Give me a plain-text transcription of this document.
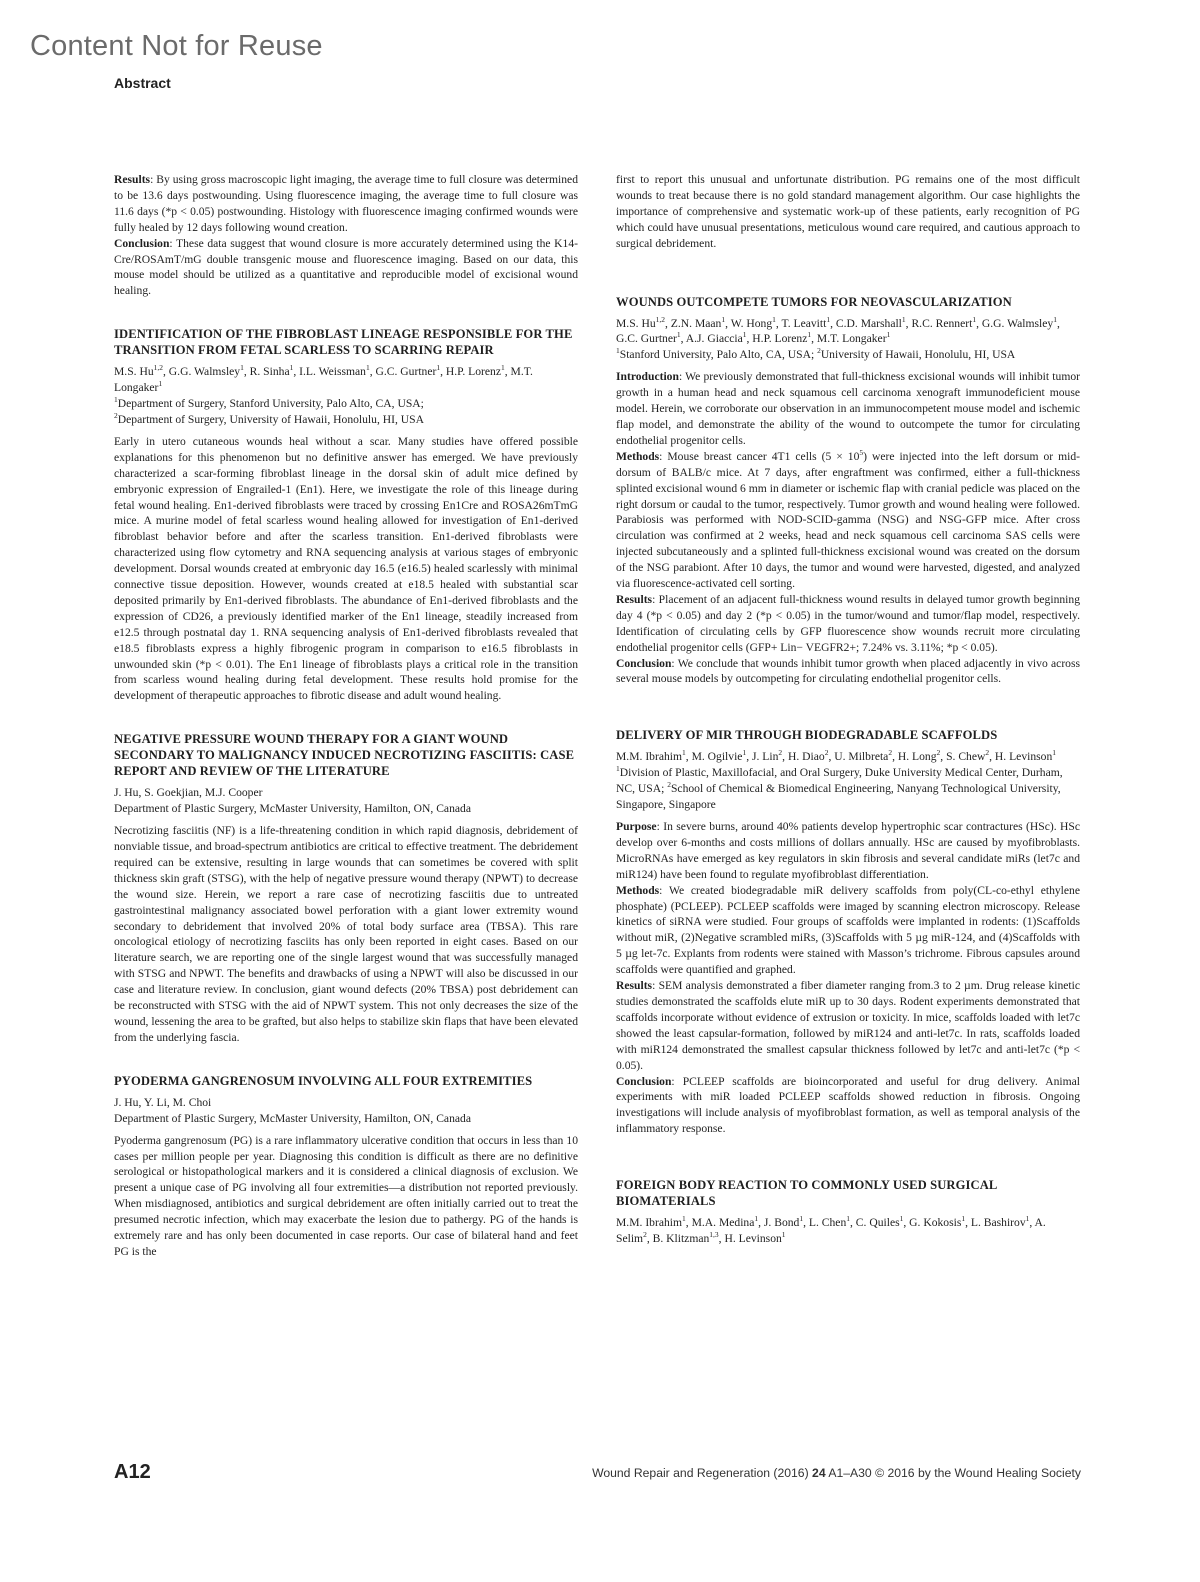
Content Not for Reuse
Abstract

Results: By using gross macroscopic light imaging, the average time to full closure was determined to be 13.6 days postwounding. Using fluorescence imaging, the average time to full closure was 11.6 days (*p < 0.05) postwounding. Histology with fluorescence imaging confirmed wounds were fully healed by 12 days following wound creation.

Conclusion: These data suggest that wound closure is more accurately determined using the K14-Cre/ROSAmT/mG double transgenic mouse and fluorescence imaging. Based on our data, this mouse model should be utilized as a quantitative and reproducible model of excisional wound healing.

IDENTIFICATION OF THE FIBROBLAST LINEAGE RESPONSIBLE FOR THE TRANSITION FROM FETAL SCARLESS TO SCARRING REPAIR

M.S. Hu$^{1,2}$, G.G. Walmsley$^1$, R. Sinha$^1$, I.L. Weissman$^1$, G.C. Gurtner$^1$, H.P. Lorenz$^1$, M.T. Longaker$^1$

$^1$Department of Surgery, Stanford University, Palo Alto, CA, USA;
$^2$Department of Surgery, University of Hawaii, Honolulu, HI, USA

Early in utero cutaneous wounds heal without a scar. Many studies have offered possible explanations for this phenomenon but no definitive answer has emerged. We have previously characterized a scar-forming fibroblast lineage in the dorsal skin of adult mice defined by embryonic expression of Engrailed-1 (En1). Here, we investigate the role of this lineage during fetal wound healing. En1-derived fibroblasts were traced by crossing En1Cre and ROSA26mTmG mice. A murine model of fetal scarless wound healing allowed for investigation of En1-derived fibroblast behavior before and after the scarless transition. En1-derived fibroblasts were characterized using flow cytometry and RNA sequencing analysis at various stages of embryonic development. Dorsal wounds created at embryonic day 16.5 (e16.5) healed scarlessly with minimal connective tissue deposition. However, wounds created at e18.5 healed with substantial scar deposited primarily by En1-derived fibroblasts. The abundance of En1-derived fibroblasts and the expression of CD26, a previously identified marker of the En1 lineage, steadily increased from e12.5 through postnatal day 1. RNA sequencing analysis of En1-derived fibroblasts revealed that e18.5 fibroblasts express a highly fibrogenic program in comparison to e16.5 fibroblasts in unwounded skin (*p < 0.01). The En1 lineage of fibroblasts plays a critical role in the transition from scarless wound healing during fetal development. These results hold promise for the development of therapeutic approaches to fibrotic disease and adult wound healing.

NEGATIVE PRESSURE WOUND THERAPY FOR A GIANT WOUND SECONDARY TO MALIGNANCY INDUCED NECROTIZING FASCIITIS: CASE REPORT AND REVIEW OF THE LITERATURE

J. Hu, S. Goekjian, M.J. Cooper

Department of Plastic Surgery, McMaster University, Hamilton, ON, Canada

Necrotizing fasciitis (NF) is a life-threatening condition in which rapid diagnosis, debridement of nonviable tissue, and broad-spectrum antibiotics are critical to effective treatment. The debridement required can be extensive, resulting in large wounds that can sometimes be covered with split thickness skin graft (STSG), with the help of negative pressure wound therapy (NPWT) to decrease the wound size. Herein, we report a rare case of necrotizing fasciitis due to untreated gastrointestinal malignancy associated bowel perforation with a giant lower extremity wound secondary to debridement that involved 20% of total body surface area (TBSA). This rare oncological etiology of necrotizing fasciits has only been reported in eight cases. Based on our literature search, we are reporting one of the single largest wound that was successfully managed with STSG and NPWT. The benefits and drawbacks of using a NPWT will also be discussed in our case and literature review. In conclusion, giant wound defects (20% TBSA) post debridement can be reconstructed with STSG with the aid of NPWT system. This not only decreases the size of the wound, lessening the area to be grafted, but also helps to stabilize skin flaps that have been elevated from the underlying fascia.

PYODERMA GANGRENOSUM INVOLVING ALL FOUR EXTREMITIES

J. Hu, Y. Li, M. Choi

Department of Plastic Surgery, McMaster University, Hamilton, ON, Canada

Pyoderma gangrenosum (PG) is a rare inflammatory ulcerative condition that occurs in less than 10 cases per million people per year. Diagnosing this condition is difficult as there are no definitive serological or histopathological markers and it is considered a clinical diagnosis of exclusion. We present a unique case of PG involving all four extremities—a distribution not reported previously. When misdiagnosed, antibiotics and surgical debridement are often initially carried out to treat the presumed necrotic infection, which may exacerbate the lesion due to pathergy. PG of the hands is extremely rare and has only been documented in case reports. Our case of bilateral hand and feet PG is the

first to report this unusual and unfortunate distribution. PG remains one of the most difficult wounds to treat because there is no gold standard management algorithm. Our case highlights the importance of comprehensive and systematic work-up of these patients, early recognition of PG which could have unusual presentations, meticulous wound care required, and cautious approach to surgical debridement.

WOUNDS OUTCOMPETE TUMORS FOR NEOVASCULARIZATION

M.S. Hu$^{1,2}$, Z.N. Maan$^1$, W. Hong$^1$, T. Leavitt$^1$, C.D. Marshall$^1$, R.C. Rennert$^1$, G.G. Walmsley$^1$, G.C. Gurtner$^1$, A.J. Giaccia$^1$, H.P. Lorenz$^1$, M.T. Longaker$^1$

$^1$Stanford University, Palo Alto, CA, USA; $^2$University of Hawaii, Honolulu, HI, USA

Introduction: We previously demonstrated that full-thickness excisional wounds will inhibit tumor growth in a human head and neck squamous cell carcinoma xenograft immunodeficient mouse model. Herein, we corroborate our observation in an immunocompetent mouse model and ischemic flap model, and demonstrate the ability of the wound to outcompete the tumor for circulating endothelial progenitor cells.

Methods: Mouse breast cancer 4T1 cells $(5 \times 10^5)$ were injected into the left dorsum or mid-dorsum of BALB/c mice. At 7 days, after engraftment was confirmed, either a full-thickness splinted excisional wound 6 mm in diameter or ischemic flap with cranial pedicle was placed on the right dorsum or caudal to the tumor, respectively. Tumor growth and wound healing were followed. Parabiosis was performed with NOD-SCID-gamma (NSG) and NSG-GFP mice. After cross circulation was confirmed at 2 weeks, head and neck squamous cell carcinoma SAS cells were injected subcutaneously and a splinted full-thickness excisional wound was created on the dorsum of the NSG parabiont. After 10 days, the tumor and wound were harvested, digested, and analyzed via fluorescence-activated cell sorting.

Results: Placement of an adjacent full-thickness wound results in delayed tumor growth beginning day 4 (*p < 0.05) and day 2 (*p < 0.05) in the tumor/wound and tumor/flap model, respectively. Identification of circulating cells by GFP fluorescence show wounds recruit more circulating endothelial progenitor cells (GFP+ Lin− VEGFR2+; 7.24% vs. 3.11%; *p < 0.05).

Conclusion: We conclude that wounds inhibit tumor growth when placed adjacently in vivo across several mouse models by outcompeting for circulating endothelial progenitor cells.

DELIVERY OF MIR THROUGH BIODEGRADABLE SCAFFOLDS

M.M. Ibrahim$^1$, M. Ogilvie$^1$, J. Lin$^2$, H. Diao$^2$, U. Milbreta$^2$, H. Long$^2$, S. Chew$^2$, H. Levinson$^1$

$^1$Division of Plastic, Maxillofacial, and Oral Surgery, Duke University Medical Center, Durham, NC, USA; $^2$School of Chemical & Biomedical Engineering, Nanyang Technological University, Singapore, Singapore

Purpose: In severe burns, around 40% patients develop hypertrophic scar contractures (HSc). HSc develop over 6-months and costs millions of dollars annually. HSc are caused by myofibroblasts. MicroRNAs have emerged as key regulators in skin fibrosis and several candidate miRs (let7c and miR124) have been found to regulate myofibroblast differentiation.

Methods: We created biodegradable miR delivery scaffolds from poly(CL-co-ethyl ethylene phosphate) (PCLEEP). PCLEEP scaffolds were imaged by scanning electron microscopy. Release kinetics of siRNA were studied. Four groups of scaffolds were implanted in rodents: (1)Scaffolds without miR, (2)Negative scrambled miRs, (3)Scaffolds with 5 µg miR-124, and (4)Scaffolds with 5 µg let-7c. Explants from rodents were stained with Masson’s trichrome. Fibrous capsules around scaffolds were quantified and graphed.

Results: SEM analysis demonstrated a fiber diameter ranging from.3 to 2 µm. Drug release kinetic studies demonstrated the scaffolds elute miR up to 30 days. Rodent experiments demonstrated that scaffolds incorporate without evidence of extrusion or toxicity. In mice, scaffolds loaded with let7c showed the least capsular-formation, followed by miR124 and anti-let7c. In rats, scaffolds loaded with miR124 demonstrated the smallest capsular thickness followed by let7c and anti-let7c (*p < 0.05).

Conclusion: PCLEEP scaffolds are bioincorporated and useful for drug delivery. Animal experiments with miR loaded PCLEEP scaffolds showed reduction in fibrosis. Ongoing investigations will include analysis of myofibroblast formation, as well as temporal analysis of the inflammatory response.

FOREIGN BODY REACTION TO COMMONLY USED SURGICAL BIOMATERIALS

M.M. Ibrahim$^1$, M.A. Medina$^1$, J. Bond$^1$, L. Chen$^1$, C. Quiles$^1$, G. Kokosis$^1$, L. Bashirov$^1$, A. Selim$^2$, B. Klitzman$^{1,3}$, H. Levinson$^1$

A12	Wound Repair and Regeneration (2016) 24 A1–A30 © 2016 by the Wound Healing Society
